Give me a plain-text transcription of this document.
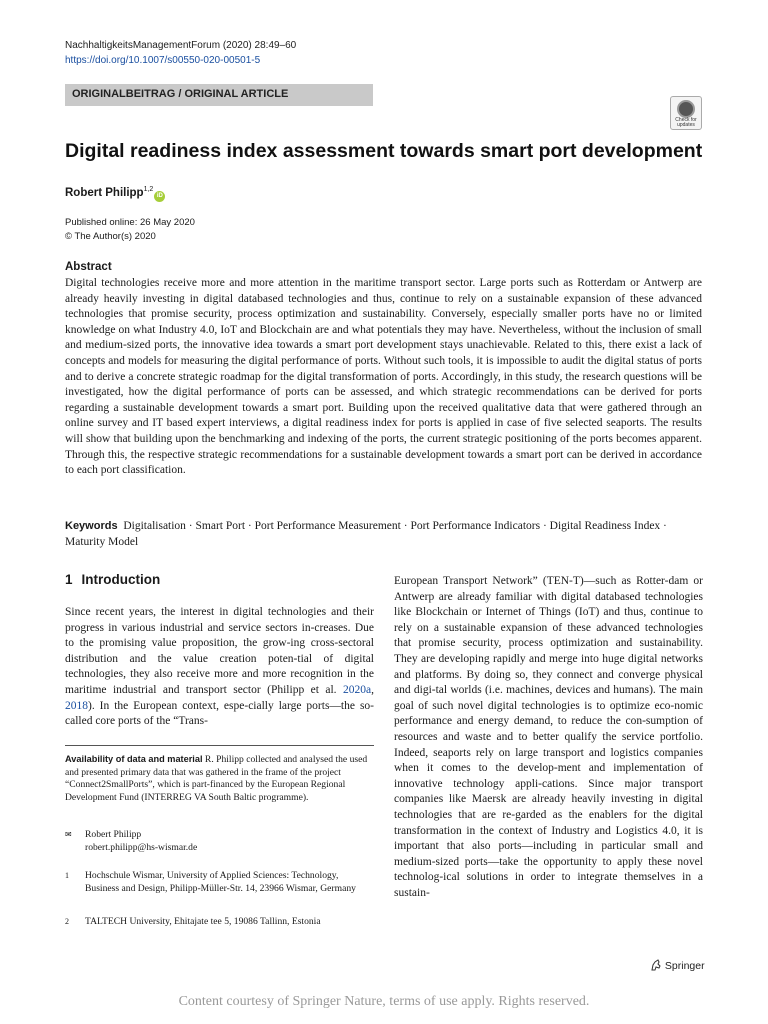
NachhaltigkeitsManagementForum (2020) 28:49–60
https://doi.org/10.1007/s00550-020-00501-5
ORIGINALBEITRAG / ORIGINAL ARTICLE
Check for updates
Digital readiness index assessment towards smart port development
Robert Philipp$^{1,2}$iD
Published online: 26 May 2020
© The Author(s) 2020
Abstract
Digital technologies receive more and more attention in the maritime transport sector. Large ports such as Rotterdam or Antwerp are already heavily investing in digital databased technologies and thus, continue to rely on a sustainable expansion of these advanced technologies that promise security, process optimization and sustainability. Conversely, especially smaller ports have no or limited knowledge on what Industry 4.0, IoT and Blockchain are and what potentials they may have. Nevertheless, without the inclusion of small and medium-sized ports, the innovative idea towards a smart port development stays unachievable. Related to this, there exist a lack of concepts and models for measuring the digital performance of ports. Without such tools, it is impossible to audit the digital status of ports and to derive a concrete strategic roadmap for the digital transformation of ports. Accordingly, in this study, the research questions will be investigated, how the digital performance of ports can be assessed, and which strategic recommendations can be derived for ports regarding a sustainable development towards a smart port. Building upon the received qualitative data that were gathered through an online survey and IT based expert interviews, a digital readiness index for ports is applied in case of five selected seaports. The results will show that building upon the benchmarking and indexing of the ports, the current strategic positioning of the ports becomes apparent. Through this, the respective strategic recommendations for a sustainable development towards a smart port can be derived in accordance to each port classification.
Keywords Digitalisation · Smart Port · Port Performance Measurement · Port Performance Indicators · Digital Readiness Index · Maturity Model
1 Introduction
Since recent years, the interest in digital technologies and their progress in various industrial and service sectors in-creases. Due to the promising value proposition, the grow-ing cross-sectoral distribution and the value creation poten-tial of digital technologies, they also receive more and more recognition in the maritime industrial and transport sector (Philipp et al. 2020a, 2018). In the European context, espe-cially large ports—the so-called core ports of the “Trans-
Availability of data and material R. Philipp collected and analysed the used and presented primary data that was gathered in the frame of the project “Connect2SmallPorts”, which is part-financed by the European Regional Development Fund (INTERREG VA South Baltic programme).
✉ Robert Philipp
robert.philipp@hs-wismar.de
1 Hochschule Wismar, University of Applied Sciences: Technology, Business and Design, Philipp-Müller-Str. 14, 23966 Wismar, Germany
2 TALTECH University, Ehitajate tee 5, 19086 Tallinn, Estonia
European Transport Network” (TEN-T)—such as Rotter-dam or Antwerp are already familiar with digital databased technologies like Blockchain or Internet of Things (IoT) and thus, continue to rely on a sustainable expansion of these advanced technologies that promise security, process optimization and sustainability. They are developing rapidly and merge into huge digital networks and platforms. By doing so, they connect and converge physical and digi-tal worlds (i.e. machines, devices and humans). The main goal of such novel digital technologies is to optimize eco-nomic performance and energy demand, to reduce the con-sumption of resources and waste and to better qualify the service portfolio. Indeed, seaports rely on large transport and logistics companies when it comes to the develop-ment and implementation of innovative technology appli-cations. Since major transport companies like Maersk are already heavily investing in digital technologies that are re-garded as the enablers for the digital transformation in the context of Industry and Logistics 4.0, it is important that also ports—including in particular small and medium-sized ports—take the opportunity to apply these novel technolog-ical solutions in order to integrate themselves in a sustain-
Springer
Content courtesy of Springer Nature, terms of use apply. Rights reserved.
